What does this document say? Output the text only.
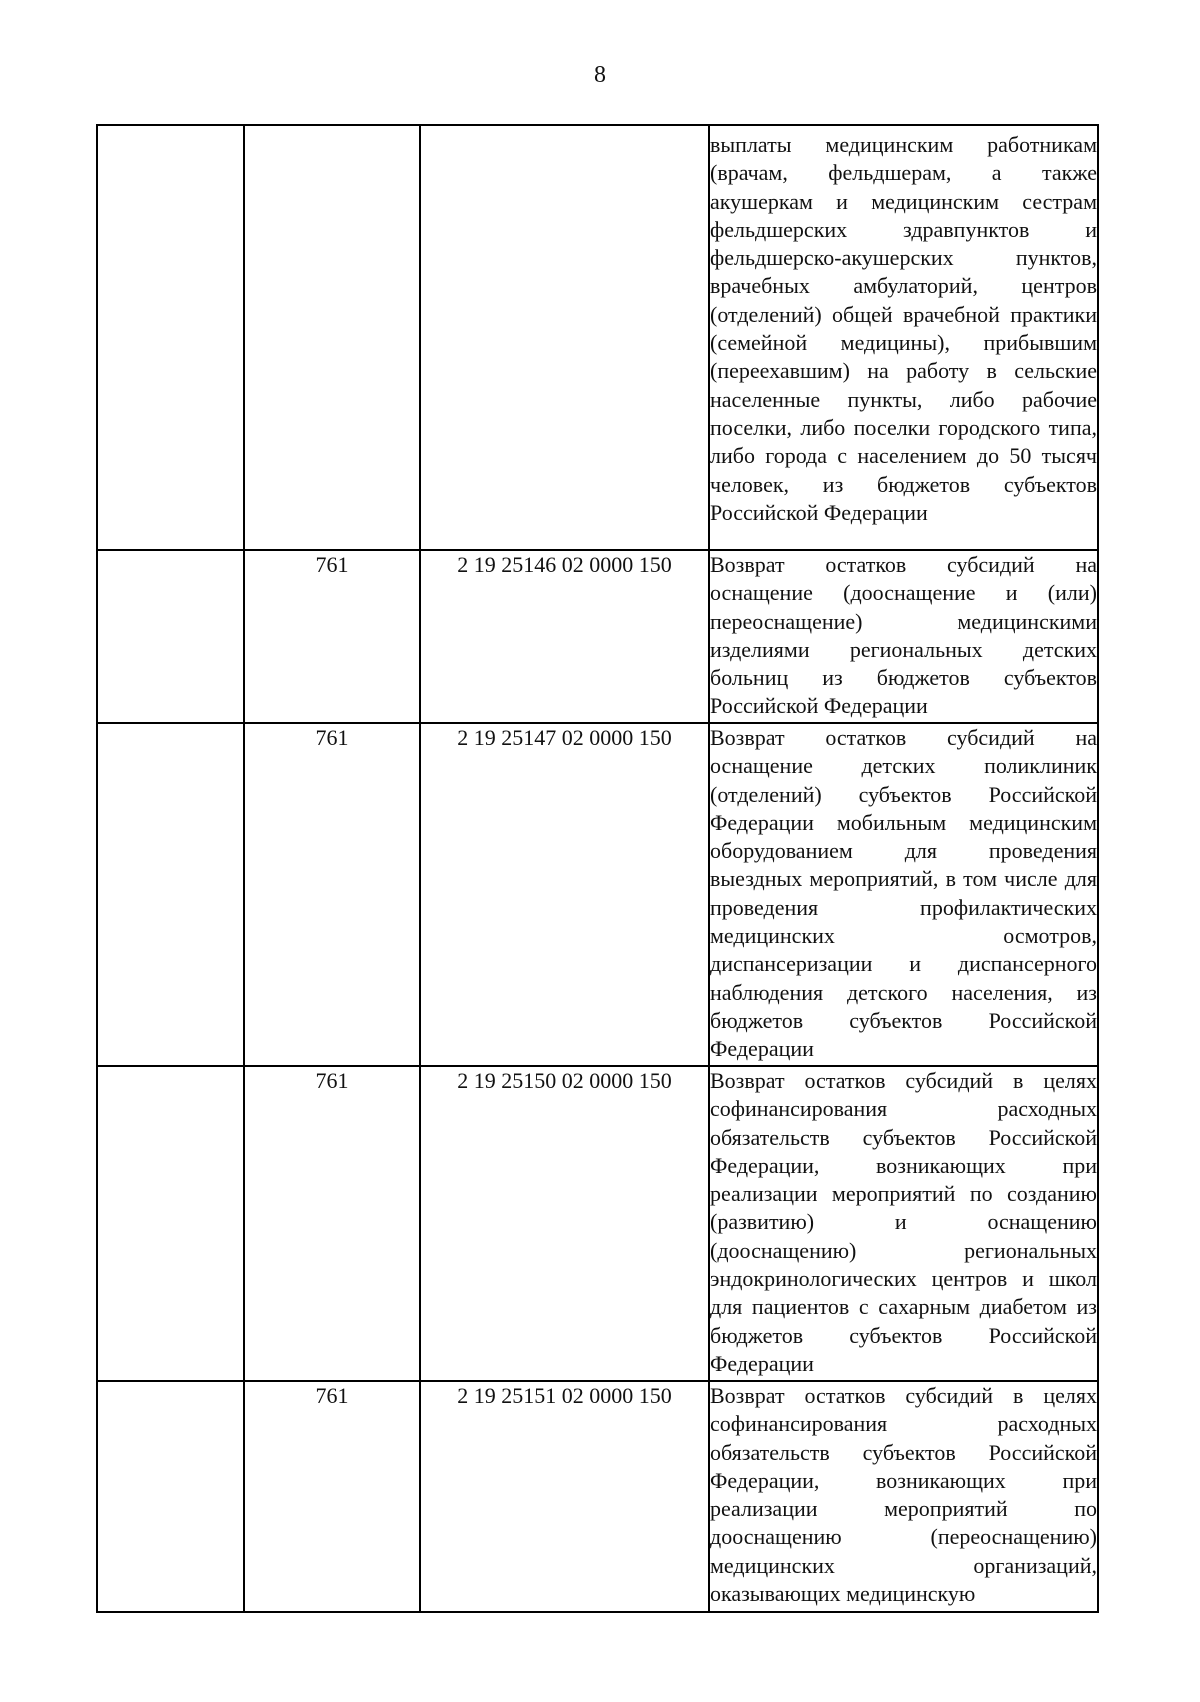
8
			выплаты медицинским работникам (врачам, фельдшерам, а также акушеркам и медицинским сестрам фельдшерских здравпунктов и фельдшерско-акушерских пунктов, врачебных амбулаторий, центров (отделений) общей врачебной практики (семейной медицины), прибывшим (переехавшим) на работу в сельские населенные пункты, либо рабочие поселки, либо поселки городского типа, либо города с населением до 50 тысяч человек, из бюджетов субъектов Российской Федерации
	761	2 19 25146 02 0000 150	Возврат остатков субсидий на оснащение (дооснащение и (или) переоснащение) медицинскими изделиями региональных детских больниц из бюджетов субъектов Российской Федерации
	761	2 19 25147 02 0000 150	Возврат остатков субсидий на оснащение детских поликлиник (отделений) субъектов Российской Федерации мобильным медицинским оборудованием для проведения выездных мероприятий, в том числе для проведения профилактических медицинских осмотров, диспансеризации и диспансерного наблюдения детского населения, из бюджетов субъектов Российской Федерации
	761	2 19 25150 02 0000 150	Возврат остатков субсидий в целях софинансирования расходных обязательств субъектов Российской Федерации, возникающих при реализации мероприятий по созданию (развитию) и оснащению (дооснащению) региональных эндокринологических центров и школ для пациентов с сахарным диабетом из бюджетов субъектов Российской Федерации
	761	2 19 25151 02 0000 150	Возврат остатков субсидий в целях софинансирования расходных обязательств субъектов Российской Федерации, возникающих при реализации мероприятий по дооснащению (переоснащению) медицинских организаций, оказывающих медицинскую
